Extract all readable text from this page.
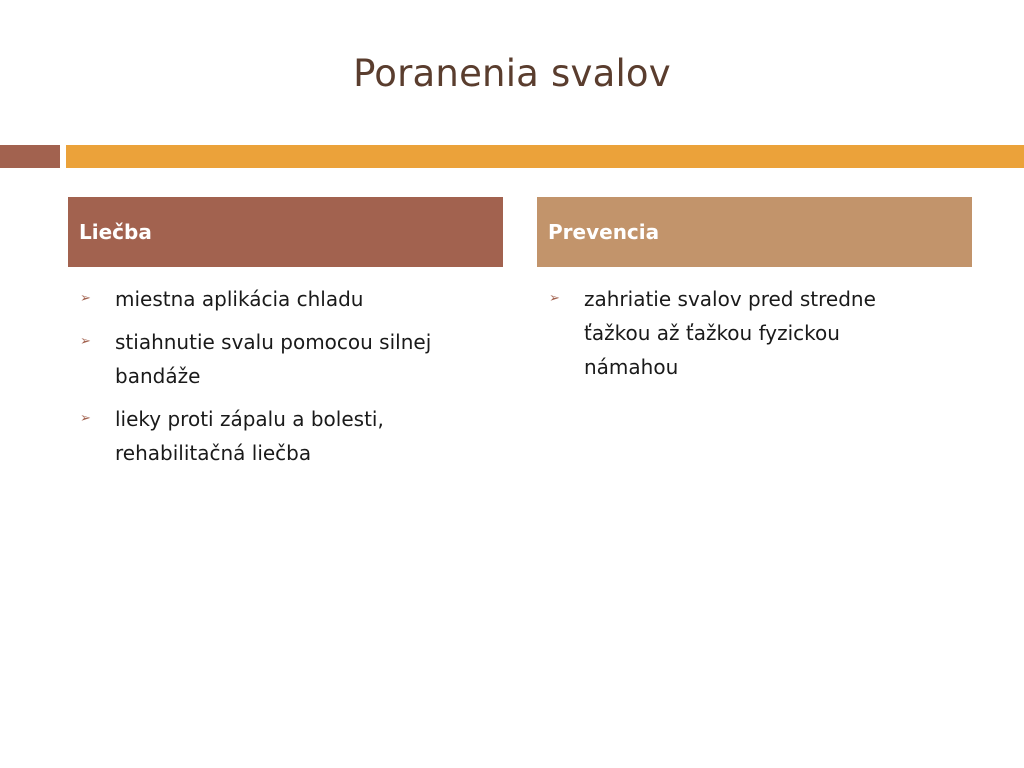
Poranenia svalov
Liečba	Prevencia
➢ miestna aplikácia chladu
➢ stiahnutie svalu pomocou silnej bandáže
➢ lieky proti zápalu a bolesti, rehabilitačná liečba
➢ zahriatie svalov pred stredne ťažkou až ťažkou fyzickou námahou
